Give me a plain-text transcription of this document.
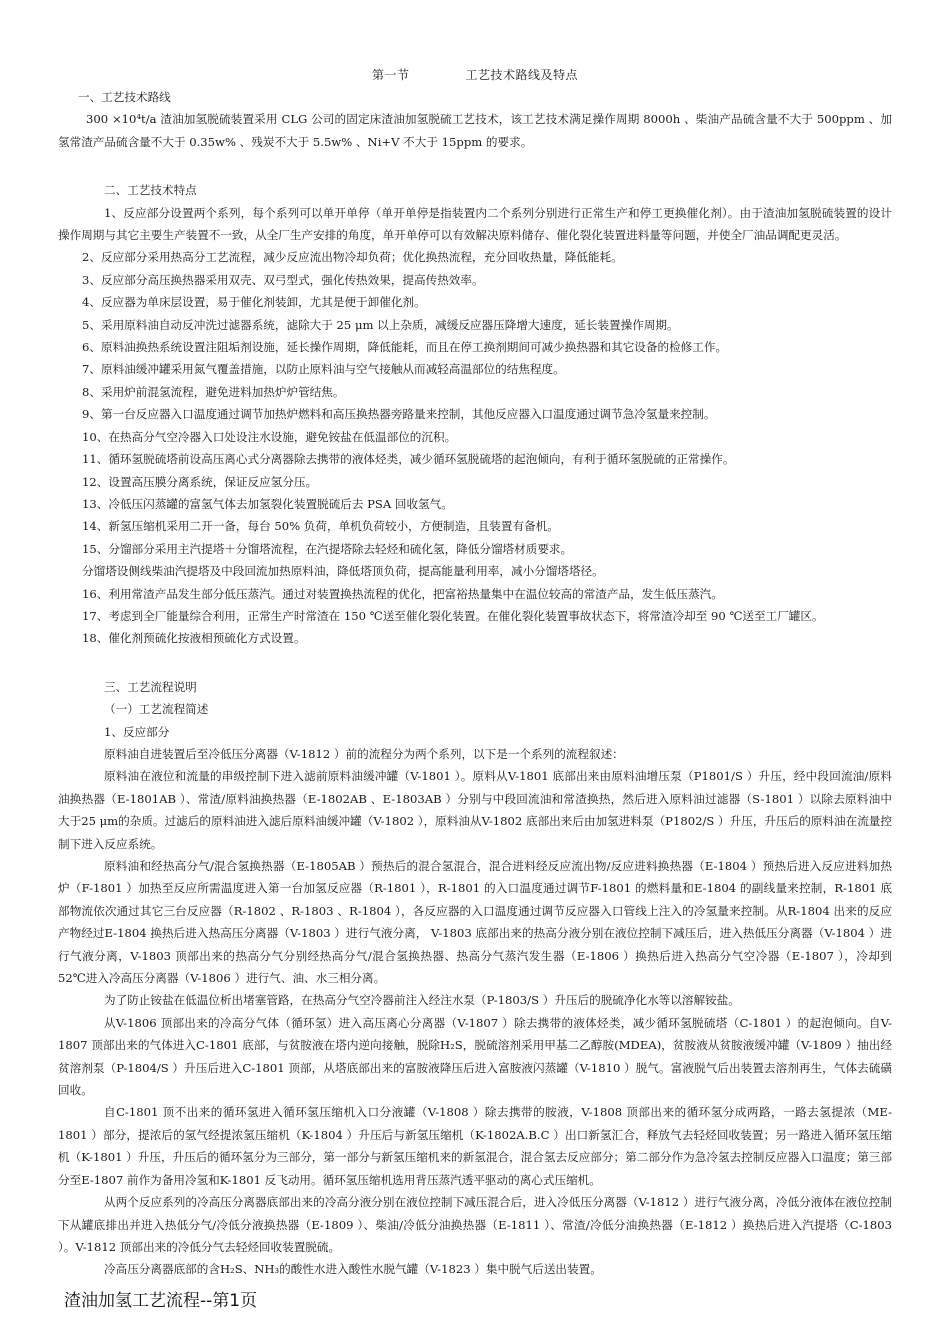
第一节	工艺技术路线及特点

一、工艺技术路线

300 ×10⁴t/a 渣油加氢脱硫装置采用 CLG 公司的固定床渣油加氢脱硫工艺技术，该工艺技术满足操作周期 8000h 、柴油产品硫含量不大于 500ppm 、加氢常渣产品硫含量不大于 0.35w% 、残炭不大于 5.5w% 、Ni+V 不大于 15ppm 的要求。

二、工艺技术特点

1、反应部分设置两个系列，每个系列可以单开单停（单开单停是指装置内二个系列分别进行正常生产和停工更换催化剂）。由于渣油加氢脱硫装置的设计操作周期与其它主要生产装置不一致，从全厂生产安排的角度，单开单停可以有效解决原料储存、催化裂化装置进料量等问题，并使全厂油品调配更灵活。

2、反应部分采用热高分工艺流程，减少反应流出物冷却负荷；优化换热流程，充分回收热量，降低能耗。

3、反应部分高压换热器采用双壳、双弓型式，强化传热效果，提高传热效率。

4、反应器为单床层设置，易于催化剂装卸，尤其是便于卸催化剂。

5、采用原料油自动反冲洗过滤器系统，滤除大于 25 μm 以上杂质，减缓反应器压降增大速度，延长装置操作周期。

6、原料油换热系统设置注阻垢剂设施，延长操作周期，降低能耗，而且在停工换剂期间可减少换热器和其它设备的检修工作。

7、原料油缓冲罐采用氮气覆盖措施，以防止原料油与空气接触从而减轻高温部位的结焦程度。

8、采用炉前混氢流程，避免进料加热炉炉管结焦。

9、第一台反应器入口温度通过调节加热炉燃料和高压换热器旁路量来控制，其他反应器入口温度通过调节急冷氢量来控制。

10、在热高分气空冷器入口处设注水设施，避免铵盐在低温部位的沉积。

11、循环氢脱硫塔前设高压离心式分离器除去携带的液体烃类，减少循环氢脱硫塔的起泡倾向，有利于循环氢脱硫的正常操作。

12、设置高压膜分离系统，保证反应氢分压。

13、冷低压闪蒸罐的富氢气体去加氢裂化装置脱硫后去 PSA 回收氢气。

14、新氢压缩机采用二开一备，每台 50% 负荷，单机负荷较小，方便制造，且装置有备机。

15、分馏部分采用主汽提塔＋分馏塔流程，在汽提塔除去轻烃和硫化氢，降低分馏塔材质要求。

分馏塔设侧线柴油汽提塔及中段回流加热原料油，降低塔顶负荷，提高能量利用率，减小分馏塔塔径。

16、利用常渣产品发生部分低压蒸汽。通过对装置换热流程的优化，把富裕热量集中在温位较高的常渣产品，发生低压蒸汽。

17、考虑到全厂能量综合利用，正常生产时常渣在 150 ℃送至催化裂化装置。在催化裂化装置事故状态下，将常渣冷却至 90 ℃送至工厂罐区。

18、催化剂预硫化按液相预硫化方式设置。

三、工艺流程说明

（一）工艺流程简述

1、反应部分

原料油自进装置后至冷低压分离器（V-1812 ）前的流程分为两个系列，以下是一个系列的流程叙述：

原料油在液位和流量的串级控制下进入滤前原料油缓冲罐（V-1801 ）。原料从V-1801 底部出来由原料油增压泵（P1801/S ）升压，经中段回流油/原料油换热器（E-1801AB ）、常渣/原料油换热器（E-1802AB 、E-1803AB ）分别与中段回流油和常渣换热，然后进入原料油过滤器（S-1801 ）以除去原料油中大于25 μm的杂质。过滤后的原料油进入滤后原料油缓冲罐（V-1802 ），原料油从V-1802 底部出来后由加氢进料泵（P1802/S ）升压，升压后的原料油在流量控制下进入反应系统。

原料油和经热高分气/混合氢换热器（E-1805AB ）预热后的混合氢混合，混合进料经反应流出物/反应进料换热器（E-1804 ）预热后进入反应进料加热炉（F-1801 ）加热至反应所需温度进入第一台加氢反应器（R-1801 ），R-1801 的入口温度通过调节F-1801 的燃料量和E-1804 的副线量来控制，R-1801 底部物流依次通过其它三台反应器（R-1802 、R-1803 、R-1804 ），各反应器的入口温度通过调节反应器入口管线上注入的冷氢量来控制。从R-1804 出来的反应产物经过E-1804 换热后进入热高压分离器（V-1803 ）进行气液分离， V-1803 底部出来的热高分液分别在液位控制下减压后，进入热低压分离器（V-1804 ）进行气液分离，V-1803 顶部出来的热高分气分别经热高分气/混合氢换热器、热高分气蒸汽发生器（E-1806 ）换热后进入热高分气空冷器（E-1807 ），冷却到52℃进入冷高压分离器（V-1806 ）进行气、油、水三相分离。

为了防止铵盐在低温位析出堵塞管路，在热高分气空冷器前注入经注水泵（P-1803/S ）升压后的脱硫净化水等以溶解铵盐。

从V-1806 顶部出来的冷高分气体（循环氢）进入高压离心分离器（V-1807 ）除去携带的液体烃类，减少循环氢脱硫塔（C-1801 ）的起泡倾向。自V-1807 顶部出来的气体进入C-1801 底部，与贫胺液在塔内逆向接触，脱除H₂S，脱硫溶剂采用甲基二乙醇胺(MDEA)，贫胺液从贫胺液缓冲罐（V-1809 ）抽出经贫溶剂泵（P-1804/S ）升压后进入C-1801 顶部，从塔底部出来的富胺液降压后进入富胺液闪蒸罐（V-1810 ）脱气。富液脱气后出装置去溶剂再生，气体去硫磺回收。

自C-1801 顶不出来的循环氢进入循环氢压缩机入口分液罐（V-1808 ）除去携带的胺液，V-1808 顶部出来的循环氢分成两路，一路去氢提浓（ME-1801 ）部分，提浓后的氢气经提浓氢压缩机（K-1804 ）升压后与新氢压缩机（K-1802A.B.C ）出口新氢汇合，释放气去轻烃回收装置；另一路进入循环氢压缩机（K-1801 ）升压，升压后的循环氢分为三部分，第一部分与新氢压缩机来的新氢混合，混合氢去反应部分；第二部分作为急冷氢去控制反应器入口温度；第三部分至E-1807 前作为备用冷氢和K-1801 反飞动用。循环氢压缩机选用背压蒸汽透平驱动的离心式压缩机。

从两个反应系列的冷高压分离器底部出来的冷高分液分别在液位控制下减压混合后，进入冷低压分离器（V-1812 ）进行气液分离，冷低分液体在液位控制下从罐底排出并进入热低分气/冷低分液换热器（E-1809 ）、柴油/冷低分油换热器（E-1811 ）、常渣/冷低分油换热器（E-1812 ）换热后进入汽提塔（C-1803 ）。V-1812 顶部出来的冷低分气去轻烃回收装置脱硫。

冷高压分离器底部的含H₂S、NH₃的酸性水进入酸性水脱气罐（V-1823 ）集中脱气后送出装置。

渣油加氢工艺流程--第1页
